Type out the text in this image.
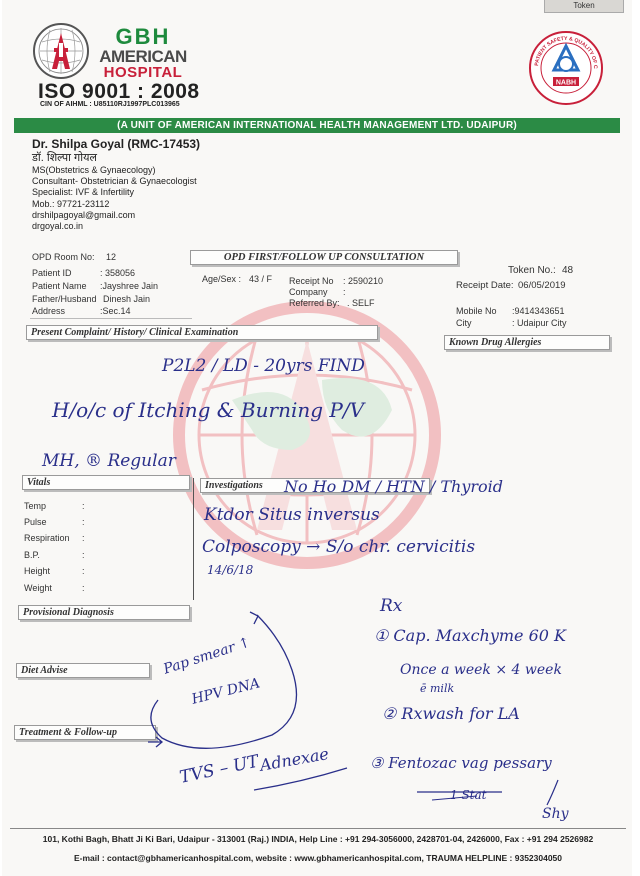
Token
GBH
AMERICAN
HOSPITAL
ISO 9001 : 2008
CIN OF AIHML : U85110RJ1997PLC013965
PATIENT SAFETY & QUALITY OF C
NABH
(A UNIT OF AMERICAN INTERNATIONAL HEALTH MANAGEMENT LTD. UDAIPUR)
Dr. Shilpa Goyal (RMC-17453)
डॉ. शिल्पा गोयल
MS(Obstetrics & Gynaecology)
Consultant- Obstetrician & Gynaecologist
Specialist: IVF & Infertility
Mob.: 97721-23112
drshilpagoyal@gmail.com
drgoyal.co.in
OPD Room No: 12	OPD FIRST/FOLLOW UP CONSULTATION
Token No.: 48
Patient ID	: 358056
Patient Name :Jayshree Jain
Father/Husband Dinesh Jain
Address	:Sec.14
Age/Sex : 43 / F Receipt No : 2590210
Company :
Referred By: . SELF
Receipt Date: 06/05/2019
Mobile No :9414343651
City	: Udaipur City
Present Complaint/ History/ Clinical Examination
Known Drug Allergies
Vitals	Investigations
Temp	:
Pulse	:
Respiration :
B.P.	:
Height	:
Weight	:
Provisional Diagnosis
Diet Advise
Treatment & Follow-up
P2L2 / LD - 20yrs FIND
H/o/c of Itching & Burning P/V
MH, ® Regular
No Ho DM / HTN / Thyroid
Ktdor Situs inversus
Colposcopy → S/o chr. cervicitis
14/6/18
Rx
① Cap. Maxchyme 60 K
Once a week × 4 week
ē milk
② Rxwash for LA
③ Fentozac vag pessary
1 Stat
Shy
Pap smear ↑
HPV DNA
TVS – UT
Adnexae
101, Kothi Bagh, Bhatt Ji Ki Bari, Udaipur - 313001 (Raj.) INDIA, Help Line : +91 294-3056000, 2428701-04, 2426000, Fax : +91 294 2526982
E-mail : contact@gbhamericanhospital.com, website : www.gbhamericanhospital.com, TRAUMA HELPLINE : 9352304050
